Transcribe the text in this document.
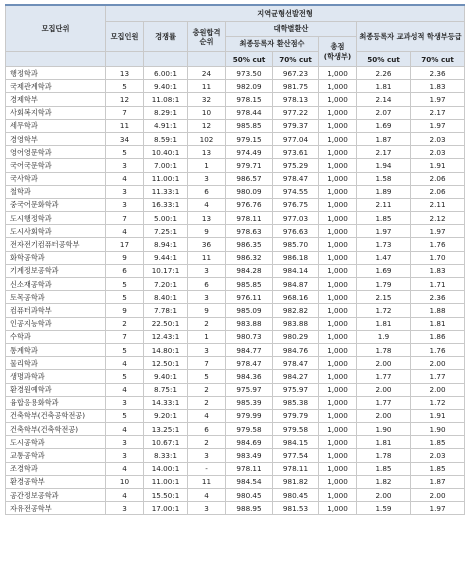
모집단위	지역균형선발전형							
	모집인원	경쟁률	충원합격 순위	대학별환산			최종등록자 교과성적 학생부등급	
				최종등록자 환산점수		총점
(학생부)		

				50% cut	70% cut		50% cut	70% cut
행정학과	13	6.00:1	24	973.50	967.23	1,000	2.26	2.36
국제관계학과	5	9.40:1	11	982.09	981.75	1,000	1.81	1.83
경제학부	12	11.08:1	32	978.15	978.13	1,000	2.14	1.97
사회복지학과	7	8.29:1	10	978.44	977.22	1,000	2.07	2.17
세무학과	11	4.91:1	12	985.85	979.37	1,000	1.69	1.97
경영학부	34	8.59:1	102	979.15	977.04	1,000	1.87	2.03
영어영문학과	5	10.40:1	13	974.49	973.61	1,000	2.17	2.03
국어국문학과	3	7.00:1	1	979.71	975.29	1,000	1.94	1.91
국사학과	4	11.00:1	3	986.57	978.47	1,000	1.58	2.06
철학과	3	11.33:1	6	980.09	974.55	1,000	1.89	2.06
중국어문화학과	3	16.33:1	4	976.76	976.75	1,000	2.11	2.11
도시행정학과	7	5.00:1	13	978.11	977.03	1,000	1.85	2.12
도시사회학과	4	7.25:1	9	978.63	976.63	1,000	1.97	1.97
전자전기컴퓨터공학부	17	8.94:1	36	986.35	985.70	1,000	1.73	1.76
화학공학과	9	9.44:1	11	986.32	986.18	1,000	1.47	1.70
기계정보공학과	6	10.17:1	3	984.28	984.14	1,000	1.69	1.83
신소재공학과	5	7.20:1	6	985.85	984.87	1,000	1.79	1.71
토목공학과	5	8.40:1	3	976.11	968.16	1,000	2.15	2.36
컴퓨터과학부	9	7.78:1	9	985.09	982.82	1,000	1.72	1.88
인공지능학과	2	22.50:1	2	983.88	983.88	1,000	1.81	1.81
수학과	7	12.43:1	1	980.73	980.29	1,000	1.9	1.86
통계학과	5	14.80:1	3	984.77	984.76	1,000	1.78	1.76
물리학과	4	12.50:1	7	978.47	978.47	1,000	2.00	2.00
생명과학과	5	9.40:1	5	984.36	984.27	1,000	1.77	1.77
환경원예학과	4	8.75:1	2	975.97	975.97	1,000	2.00	2.00
융합응용화학과	3	14.33:1	2	985.39	985.38	1,000	1.77	1.72
건축학부(건축공학전공)	5	9.20:1	4	979.99	979.79	1,000	2.00	1.91
건축학부(건축학전공)	4	13.25:1	6	979.58	979.58	1,000	1.90	1.90
도시공학과	3	10.67:1	2	984.69	984.15	1,000	1.81	1.85
교통공학과	3	8.33:1	3	983.49	977.54	1,000	1.78	2.03
조경학과	4	14.00:1	-	978.11	978.11	1,000	1.85	1.85
환경공학부	10	11.00:1	11	984.54	981.82	1,000	1.82	1.87
공간정보공학과	4	15.50:1	4	980.45	980.45	1,000	2.00	2.00
자유전공학부	3	17.00:1	3	988.95	981.53	1,000	1.59	1.97
